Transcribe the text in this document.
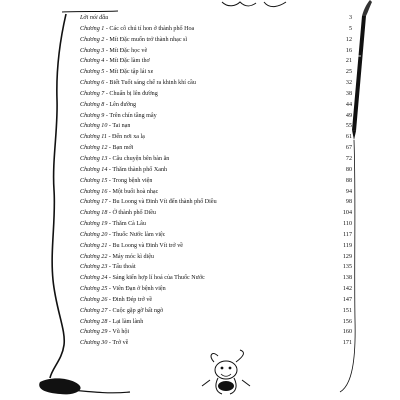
Lời nói đầu	3
Chương 1 - Các cô chú tí hon ở thành phố Hoa	5
Chương 2 - Mít Đặc muốn trở thành nhạc sĩ	12
Chương 3 - Mít Đặc học vẽ	16
Chương 4 - Mít Đặc làm thơ	21
Chương 5 - Mít Đặc tập lái xe	25
Chương 6 - Biết Tuốt sáng chế ra khinh khí cầu	32
Chương 7 - Chuẩn bị lên đường	38
Chương 8 - Lên đường	44
Chương 9 - Trên chín tầng mây	49
Chương 10 - Tai nạn	55
Chương 11 - Đến nơi xa lạ	61
Chương 12 - Bạn mới	67
Chương 13 - Câu chuyện bên bàn ăn	72
Chương 14 - Thăm thành phố Xanh	80
Chương 15 - Trong bệnh viện	88
Chương 16 - Một buổi hoà nhạc	94
Chương 17 - Bu Loong và Đinh Vít đến thành phố Diều	98
Chương 18 - Ở thành phố Diều	104
Chương 19 - Thăm Cà Lâu	110
Chương 20 - Thuốc Nước làm việc	117
Chương 21 - Bu Loong và Đinh Vít trở về	119
Chương 22 - Máy móc kì diệu	129
Chương 23 - Tẩu thoát	135
Chương 24 - Sáng kiến hợp lí hoá của Thuốc Nước	138
Chương 25 - Viên Đạn ở bệnh viện	142
Chương 26 - Đinh Đép trở về	147
Chương 27 - Cuộc gặp gỡ bất ngờ	151
Chương 28 - Lại làm lành	156
Chương 29 - Vũ hội	160
Chương 30 - Trở về	171
